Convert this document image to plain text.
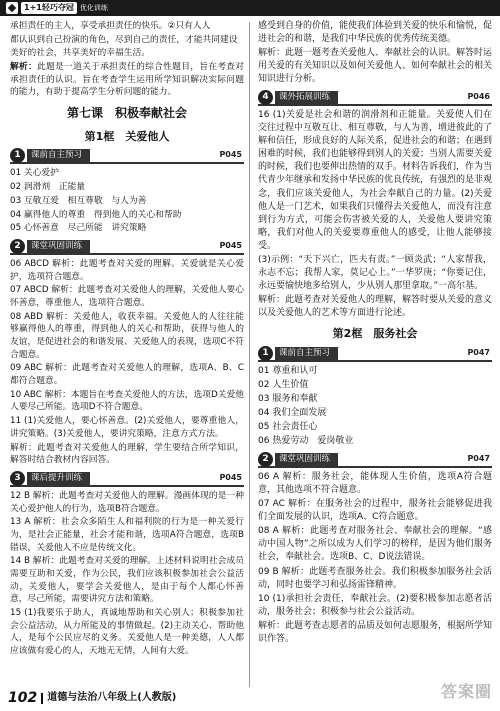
1+1轻巧夺冠 优化训练

承担责任的主人，享受承担责任的快乐。②只有人人

都认识到自己扮演的角色，尽到自己的责任，才能共同建设

美好的社会，共享美好的幸福生活。

解析：此题是一道关于承担责任的综合性题目，旨在考查对承担责任的认识。旨在考查学生运用所学知识解决实际问题的能力，有助于提高学生分析问题的能力。

第七课　积极奉献社会
第1框　关爱他人
1	课前自主预习	P045

01 关心爱护

02 润滑剂　正能量

03 互敬互爱　相互尊敬　与人为善

04 赢得他人的尊重　得到他人的关心和帮助

05 心怀善意　尽己所能　讲究策略

2	课堂巩固训练	P045

06 ABCD 解析：此题考查对关爱的理解。关爱就是关心爱护，选项符合题意。

07 ABCD 解析：此题考查对关爱他人的理解，关爱他人要心怀善意，尊重他人，选项符合题意。

08 ABD 解析：关爱他人，收获幸福。关爱他人的人往往能够赢得他人的尊重，得到他人的关心和帮助，获得与他人的友谊，是促进社会的和谐发展、关爱他人的表现，选项C不符合题意。

09 ABC 解析：此题考查对关爱他人的理解，选项A、B、C都符合题意。

10 ABC 解析：本题旨在考查关爱他人的方法，选项D关爱他人要尽己所能。选项D不符合题意。

11 (1)关爱他人，要心怀善意。(2)关爱他人，要尊重他人，讲究策略。(3)关爱他人，要讲究策略，注意方式方法。

解析：此题考查对关爱他人的理解，学生要结合所学知识，解答时结合教材内容回答。

3	课后提升训练	P045

12 B 解析：此题考查对关爱他人的理解。漫画体现的是一种关心爱护他人的行为，选项B符合题意。

13 A 解析：社会众多陌生人和福利院的行为是一种关爱行为，是社会正能量，社会才能和谐，选项A符合题意，选项B错误，关爱他人不应是传统文化。

14 B 解析：此题考查对关爱的理解。上述材料说明社会成员需要互助和关爱，作为公民，我们应该积极参加社会公益活动，关爱他人，要学会关爱他人，是由于每个人都心怀善意，尽己所能，需要讲究方法和策略。

15 (1)我要乐于助人，真诚地帮助和关心别人；积极参加社会公益活动，从力所能及的事情做起。(2)主动关心、帮助他人，是每个公民应尽的义务。关爱他人是一种美德，人人都应该做有爱心的人，天地无无情，人间有大爱。

感受到自身的价值，能使我们体验到关爱的快乐和愉悦，促进社会的和谐，是我们中华民族的优秀传统美德。

解析：此题一题考查关爱他人、奉献社会的认识。解答时运用关爱的有关知识以及如何关爱他人、如何奉献社会的相关知识进行分析。

4	课外拓展训练	P046

16 (1)关爱是社会和谐的润滑剂和正能量。关爱使人们在交往过程中互敬互让、相互尊敬，与人为善，增进彼此的了解和信任，形成良好的人际关系，促进社会的和谐；在遇到困难的时候，我们也能够得到别人的关爱；当别人需要关爱的时候，我们也要伸出热情的双手。材料告诉我们，作为当代青少年继承和发扬中华民族的优良传统，有强烈的是非观念，我们应该关爱他人，为社会奉献自己的力量。(2)关爱他人是一门艺术，如果我们只懂得去关爱他人，而没有注意到行为方式，可能会伤害被关爱的人，关爱他人要讲究策略，我们对他人的关爱要尊重他人的感受，让他人能够接受。

(3)示例：“天下兴亡，匹夫有责。”一顾炎武；“人家帮我，永志不忘；我帮人家，莫记心上。”一华罗庚；“你要记住，永远要愉快地多给别人，少从别人那里拿取。”一高尔基。

解析：此题考查对关爱他人的理解，解答时要从关爱的意义以及关爱他人的艺术等方面进行论述。

第2框　服务社会
1	课前自主预习	P047

01 尊重和认可

02 人生价值

03 服务和奉献

04 我们全面发展

05 社会责任心

06 热爱劳动　爱岗敬业

2	课堂巩固训练	P047

06 A 解析：服务社会，能体现人生价值，选项A符合题意，其他选项不符合题意。

07 AC 解析：在服务社会的过程中，服务社会能够促进我们全面发展的认识，选项A、C符合题意。

08 A 解析：此题考查对服务社会、奉献社会的理解。“感动中国人物”之所以成为人们学习的榜样，是因为他们服务社会，奉献社会。选项B、C、D说法错误。

09 B 解析：此题考查服务社会。我们积极参加服务社会活动，同时也要学习和弘扬雷锋精神。

10 (1)承担社会责任，奉献社会。(2)要积极参加志愿者活动，服务社会；积极参与社会公益活动。

解析：此题考查志愿者的品质及如何志愿服务，根据所学知识作答。

102 道德与法治八年级上(人教版)	答案圈
